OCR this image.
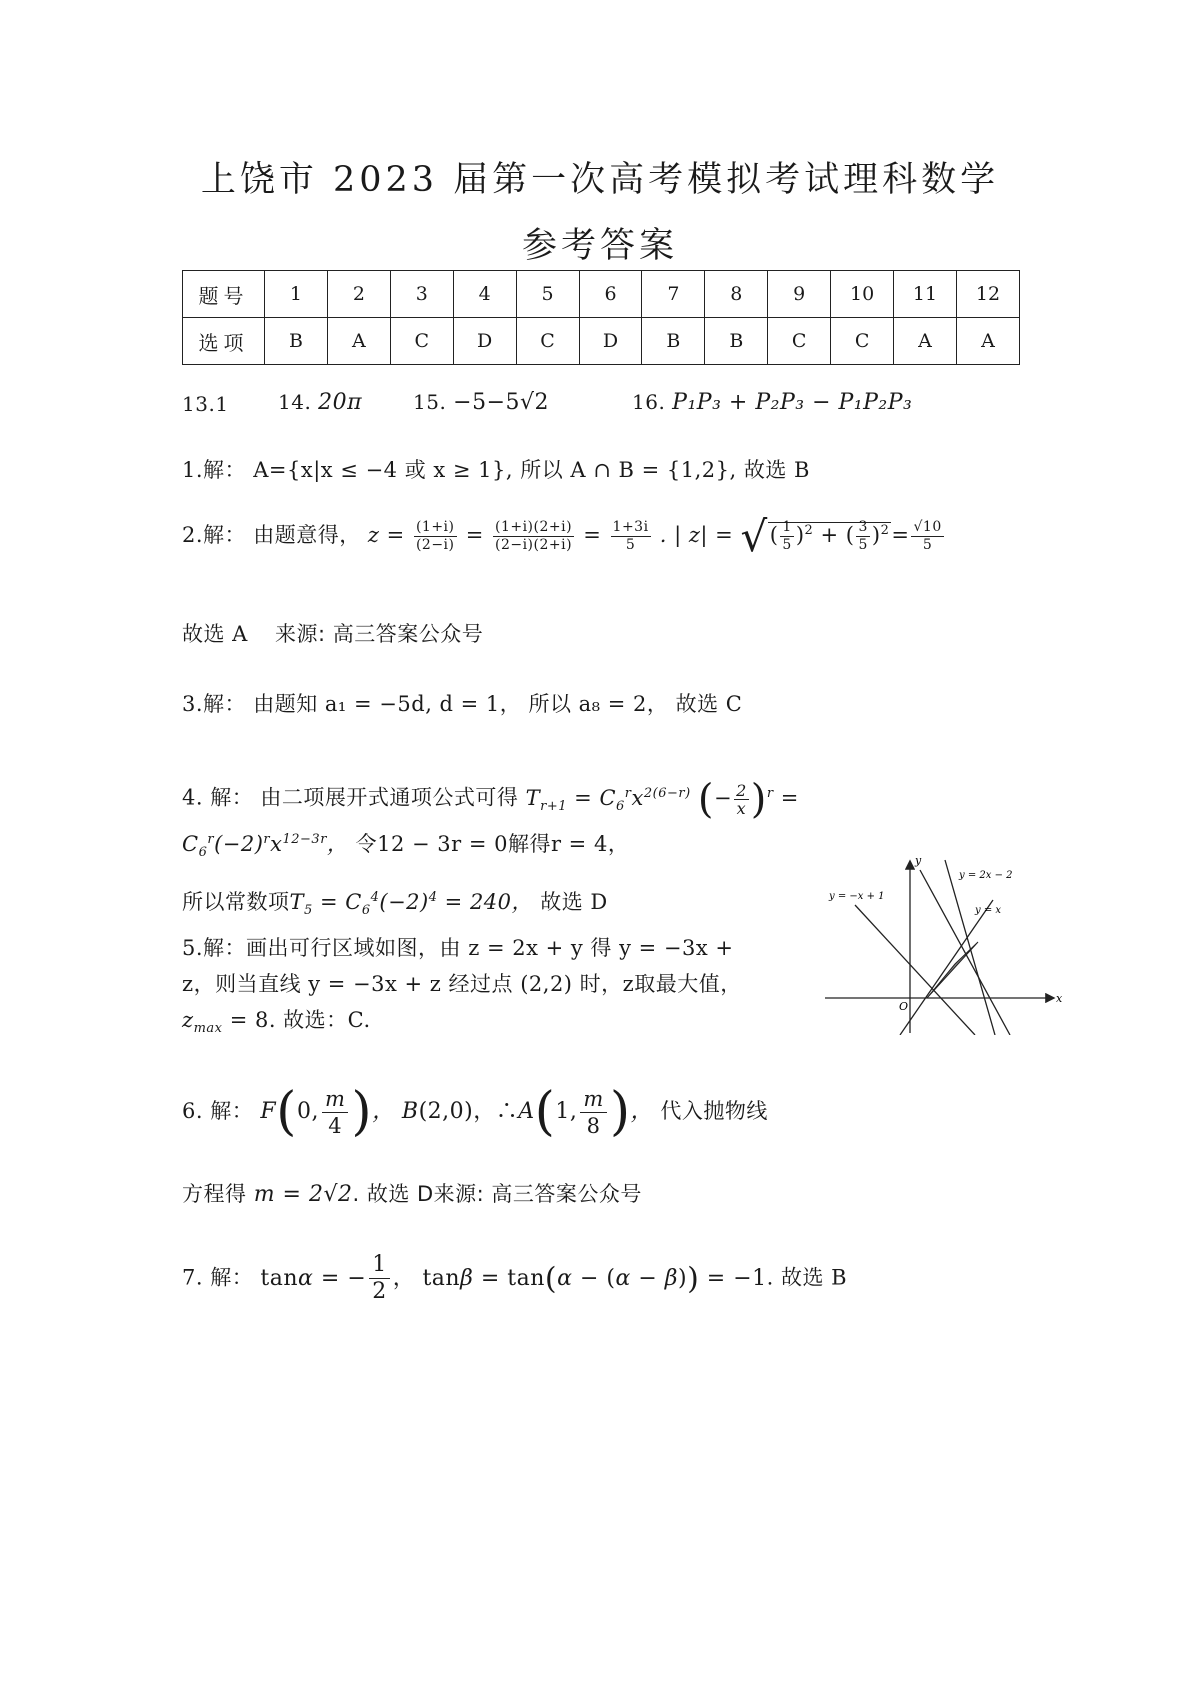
上饶市 2023 届第一次高考模拟考试理科数学
参考答案
题号	1	2	3	4	5	6	7	8	9	10	11	12
选项	B	A	C	D	C	D	B	B	C	C	A	A
13.1 14. 20π	15. −5−5√2	16. P₁P₃ + P₂P₃ − P₁P₂P₃
1.解： A={x|x ≤ −4 或 x ≥ 1}, 所以 A ∩ B = {1,2}, 故选 B
2.解： 由题意得， $z = \frac{(1+i)}{(2-i)} = \frac{(1+i)(2+i)}{(2-i)(2+i)} = \frac{1+3i}{5}$ . | z| = √( $\frac{1}{5} )^2$ + ( $\frac{3}{5} )^2= \frac{√10}{5}$
故选 A 来源: 高三答案公众号
3.解： 由题知 a₁ = −5d, d = 1， 所以 a₈ = 2， 故选 C
4. 解： 由二项展开式通项公式可得 $T_{r+1} = C_6^rx^{2(6-r)}$ (− $\frac{2}{x} )^r$ =
$C_6^r(-2)^rx^{12-3r}$， 令12 − 3r = 0解得r = 4，
所以常数项$T_5 = C_6^4(-2)^4 = 240$， 故选 D
5.解：画出可行区域如图，由 z = 2x + y 得 y = −3x +
z，则当直线 y = −3x + z 经过点 (2,2) 时，z取最大值，
$z_{max} = 8$. 故选：C.
y = −x + 1
y = 2x − 2
y = x
x
y
O
6. 解： F(0, $\frac{m}{4}$ )， B(2,0)，∴A(1, $\frac{m}{8}$ )， 代入抛物线
方程得 m = 2√2. 故选 D来源: 高三答案公众号
7. 解： tanα = − $\frac{1}{2}$ ， tanβ = tan(α − (α − β)) = −1. 故选 B
